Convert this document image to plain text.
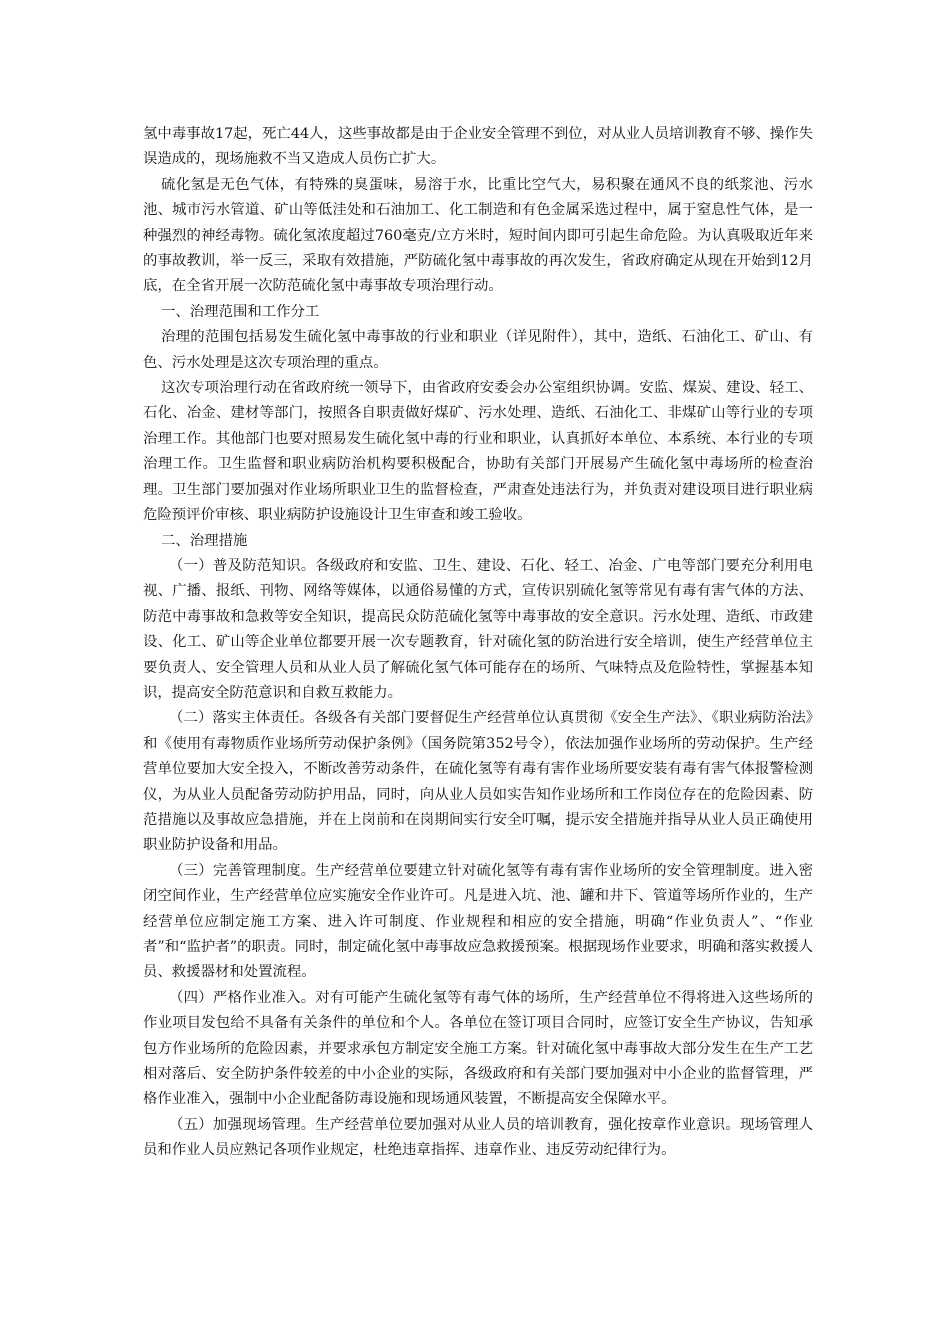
氢中毒事故17起，死亡44人，这些事故都是由于企业安全管理不到位，对从业人员培训教育不够、操作失误造成的，现场施救不当又造成人员伤亡扩大。

硫化氢是无色气体，有特殊的臭蛋味，易溶于水，比重比空气大，易积聚在通风不良的纸浆池、污水池、城市污水管道、矿山等低洼处和石油加工、化工制造和有色金属采选过程中，属于窒息性气体，是一种强烈的神经毒物。硫化氢浓度超过760毫克/立方米时，短时间内即可引起生命危险。为认真吸取近年来的事故教训，举一反三，采取有效措施，严防硫化氢中毒事故的再次发生，省政府确定从现在开始到12月底，在全省开展一次防范硫化氢中毒事故专项治理行动。

一、治理范围和工作分工

治理的范围包括易发生硫化氢中毒事故的行业和职业（详见附件），其中，造纸、石油化工、矿山、有色、污水处理是这次专项治理的重点。

这次专项治理行动在省政府统一领导下，由省政府安委会办公室组织协调。安监、煤炭、建设、轻工、石化、冶金、建材等部门，按照各自职责做好煤矿、污水处理、造纸、石油化工、非煤矿山等行业的专项治理工作。其他部门也要对照易发生硫化氢中毒的行业和职业，认真抓好本单位、本系统、本行业的专项治理工作。卫生监督和职业病防治机构要积极配合，协助有关部门开展易产生硫化氢中毒场所的检查治理。卫生部门要加强对作业场所职业卫生的监督检查，严肃查处违法行为，并负责对建设项目进行职业病危险预评价审核、职业病防护设施设计卫生审查和竣工验收。

二、治理措施

（一）普及防范知识。各级政府和安监、卫生、建设、石化、轻工、冶金、广电等部门要充分利用电视、广播、报纸、刊物、网络等媒体，以通俗易懂的方式，宣传识别硫化氢等常见有毒有害气体的方法、防范中毒事故和急救等安全知识，提高民众防范硫化氢等中毒事故的安全意识。污水处理、造纸、市政建设、化工、矿山等企业单位都要开展一次专题教育，针对硫化氢的防治进行安全培训，使生产经营单位主要负责人、安全管理人员和从业人员了解硫化氢气体可能存在的场所、气味特点及危险特性，掌握基本知识，提高安全防范意识和自救互救能力。

（二）落实主体责任。各级各有关部门要督促生产经营单位认真贯彻《安全生产法》、《职业病防治法》和《使用有毒物质作业场所劳动保护条例》（国务院第352号令），依法加强作业场所的劳动保护。生产经营单位要加大安全投入，不断改善劳动条件，在硫化氢等有毒有害作业场所要安装有毒有害气体报警检测仪，为从业人员配备劳动防护用品，同时，向从业人员如实告知作业场所和工作岗位存在的危险因素、防范措施以及事故应急措施，并在上岗前和在岗期间实行安全叮嘱，提示安全措施并指导从业人员正确使用职业防护设备和用品。

（三）完善管理制度。生产经营单位要建立针对硫化氢等有毒有害作业场所的安全管理制度。进入密闭空间作业，生产经营单位应实施安全作业许可。凡是进入坑、池、罐和井下、管道等场所作业的，生产经营单位应制定施工方案、进入许可制度、作业规程和相应的安全措施，明确“作业负责人”、“作业者”和“监护者”的职责。同时，制定硫化氢中毒事故应急救援预案。根据现场作业要求，明确和落实救援人员、救援器材和处置流程。

（四）严格作业准入。对有可能产生硫化氢等有毒气体的场所，生产经营单位不得将进入这些场所的作业项目发包给不具备有关条件的单位和个人。各单位在签订项目合同时，应签订安全生产协议，告知承包方作业场所的危险因素，并要求承包方制定安全施工方案。针对硫化氢中毒事故大部分发生在生产工艺相对落后、安全防护条件较差的中小企业的实际，各级政府和有关部门要加强对中小企业的监督管理，严格作业准入，强制中小企业配备防毒设施和现场通风装置，不断提高安全保障水平。

（五）加强现场管理。生产经营单位要加强对从业人员的培训教育，强化按章作业意识。现场管理人员和作业人员应熟记各项作业规定，杜绝违章指挥、违章作业、违反劳动纪律行为。
